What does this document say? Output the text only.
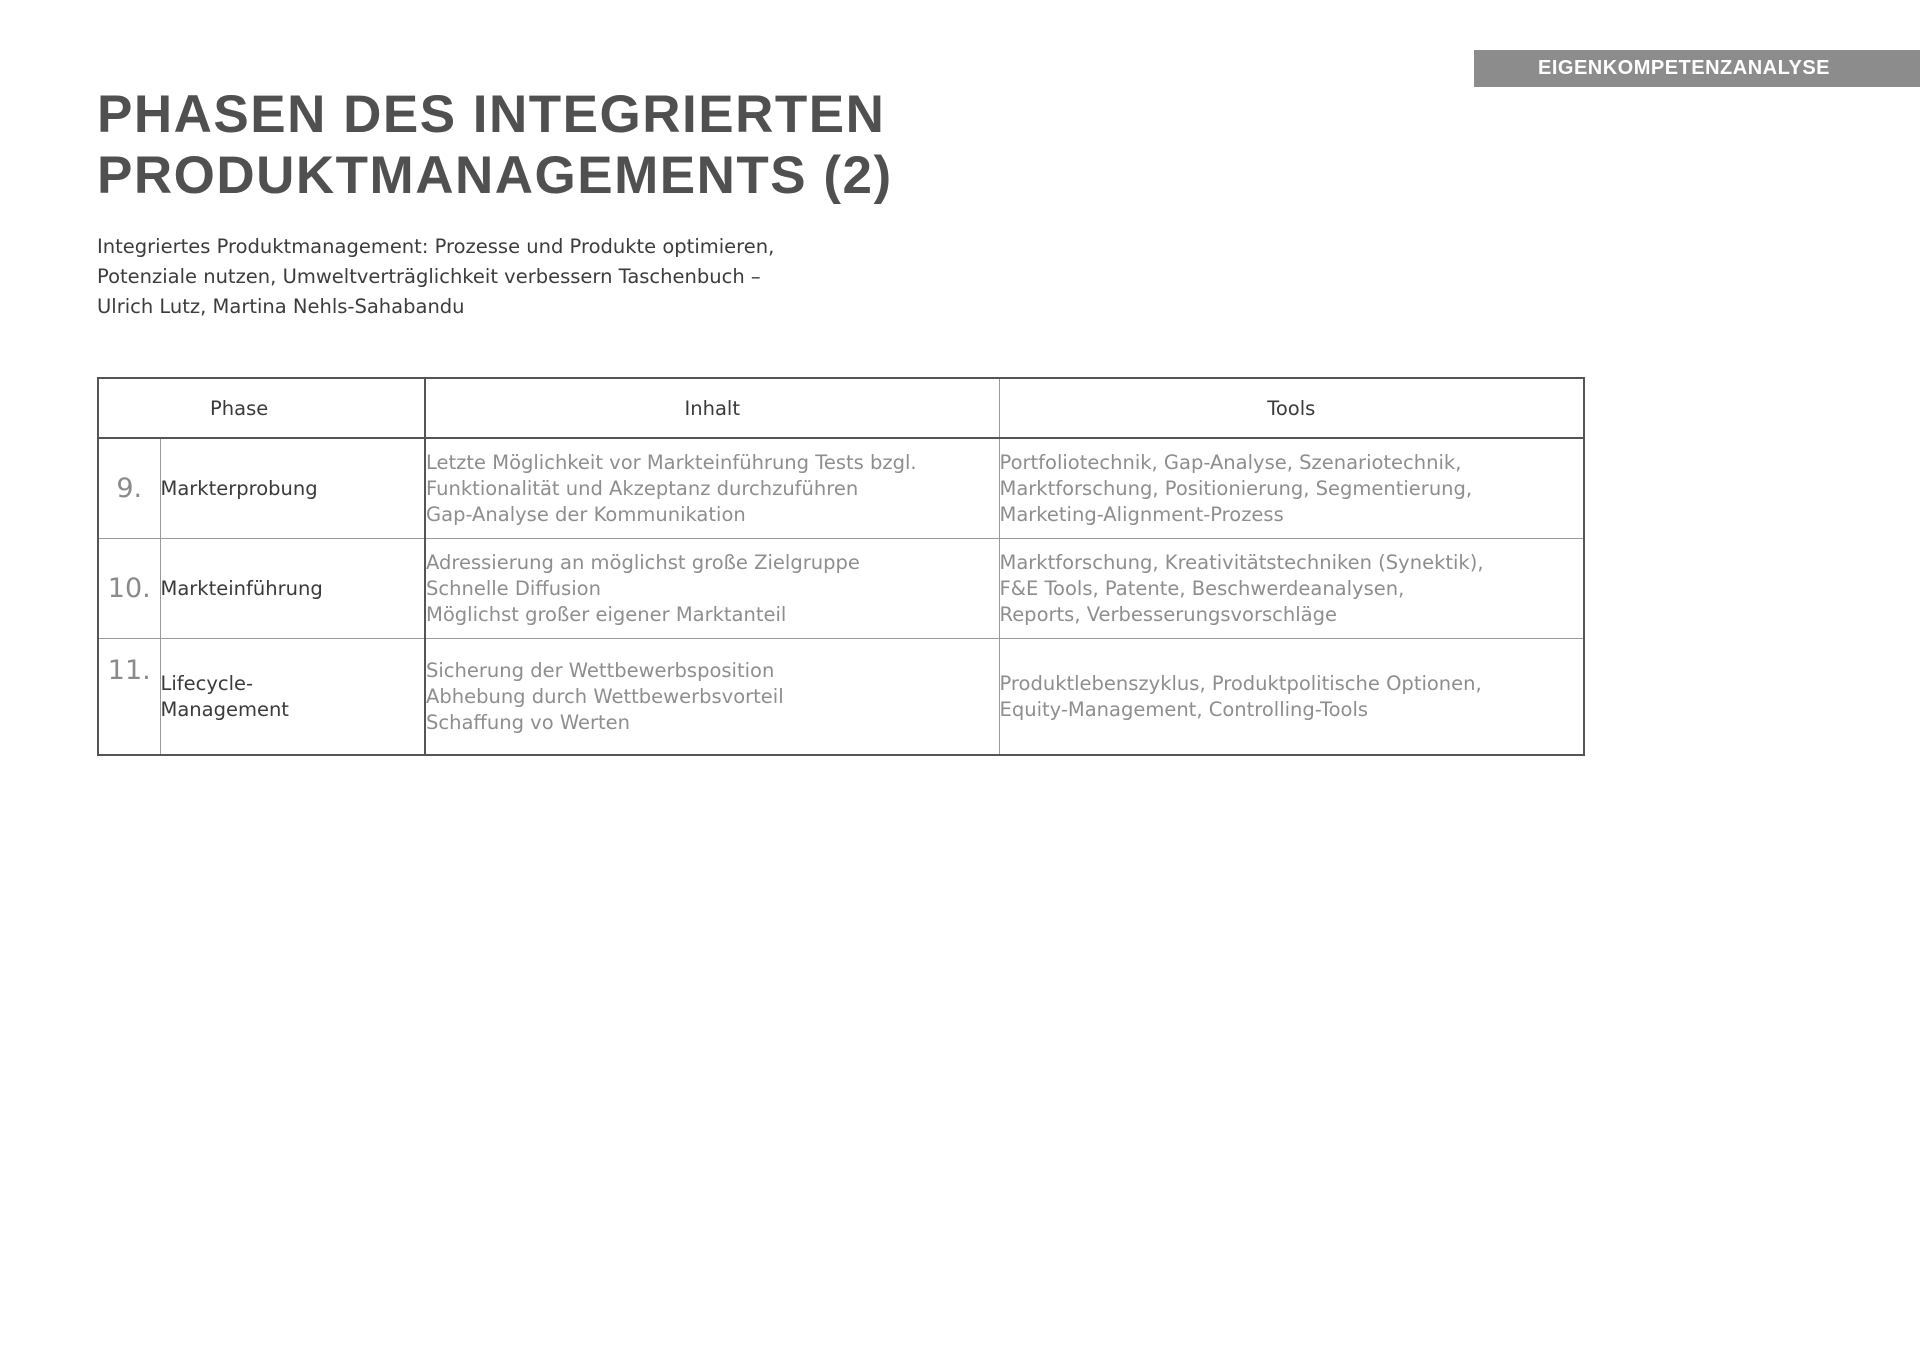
EIGENKOMPETENZANALYSE
PHASEN DES INTEGRIERTEN
PRODUKTMANAGEMENTS (2)
Integriertes Produktmanagement: Prozesse und Produkte optimieren,
Potenziale nutzen, Umweltverträglichkeit verbessern Taschenbuch –
Ulrich Lutz, Martina Nehls-Sahabandu
Phase		Inhalt	Tools
9.	Markterprobung	Letzte Möglichkeit vor Markteinführung Tests bzgl.
Funktionalität und Akzeptanz durchzuführen
Gap-Analyse der Kommunikation	Portfoliotechnik, Gap-Analyse, Szenariotechnik,
Marktforschung, Positionierung, Segmentierung,
Marketing-Alignment-Prozess

10.	Markteinführung	Adressierung an möglichst große Zielgruppe
Schnelle Diffusion
Möglichst großer eigener Marktanteil	Marktforschung, Kreativitätstechniken (Synektik),
F&E Tools, Patente, Beschwerdeanalysen,
Reports, Verbesserungsvorschläge

11.	Lifecycle-
Management	Sicherung der Wettbewerbsposition
Abhebung durch Wettbewerbsvorteil
Schaffung vo Werten	Produktlebenszyklus, Produktpolitische Optionen,
Equity-Management, Controlling-Tools
